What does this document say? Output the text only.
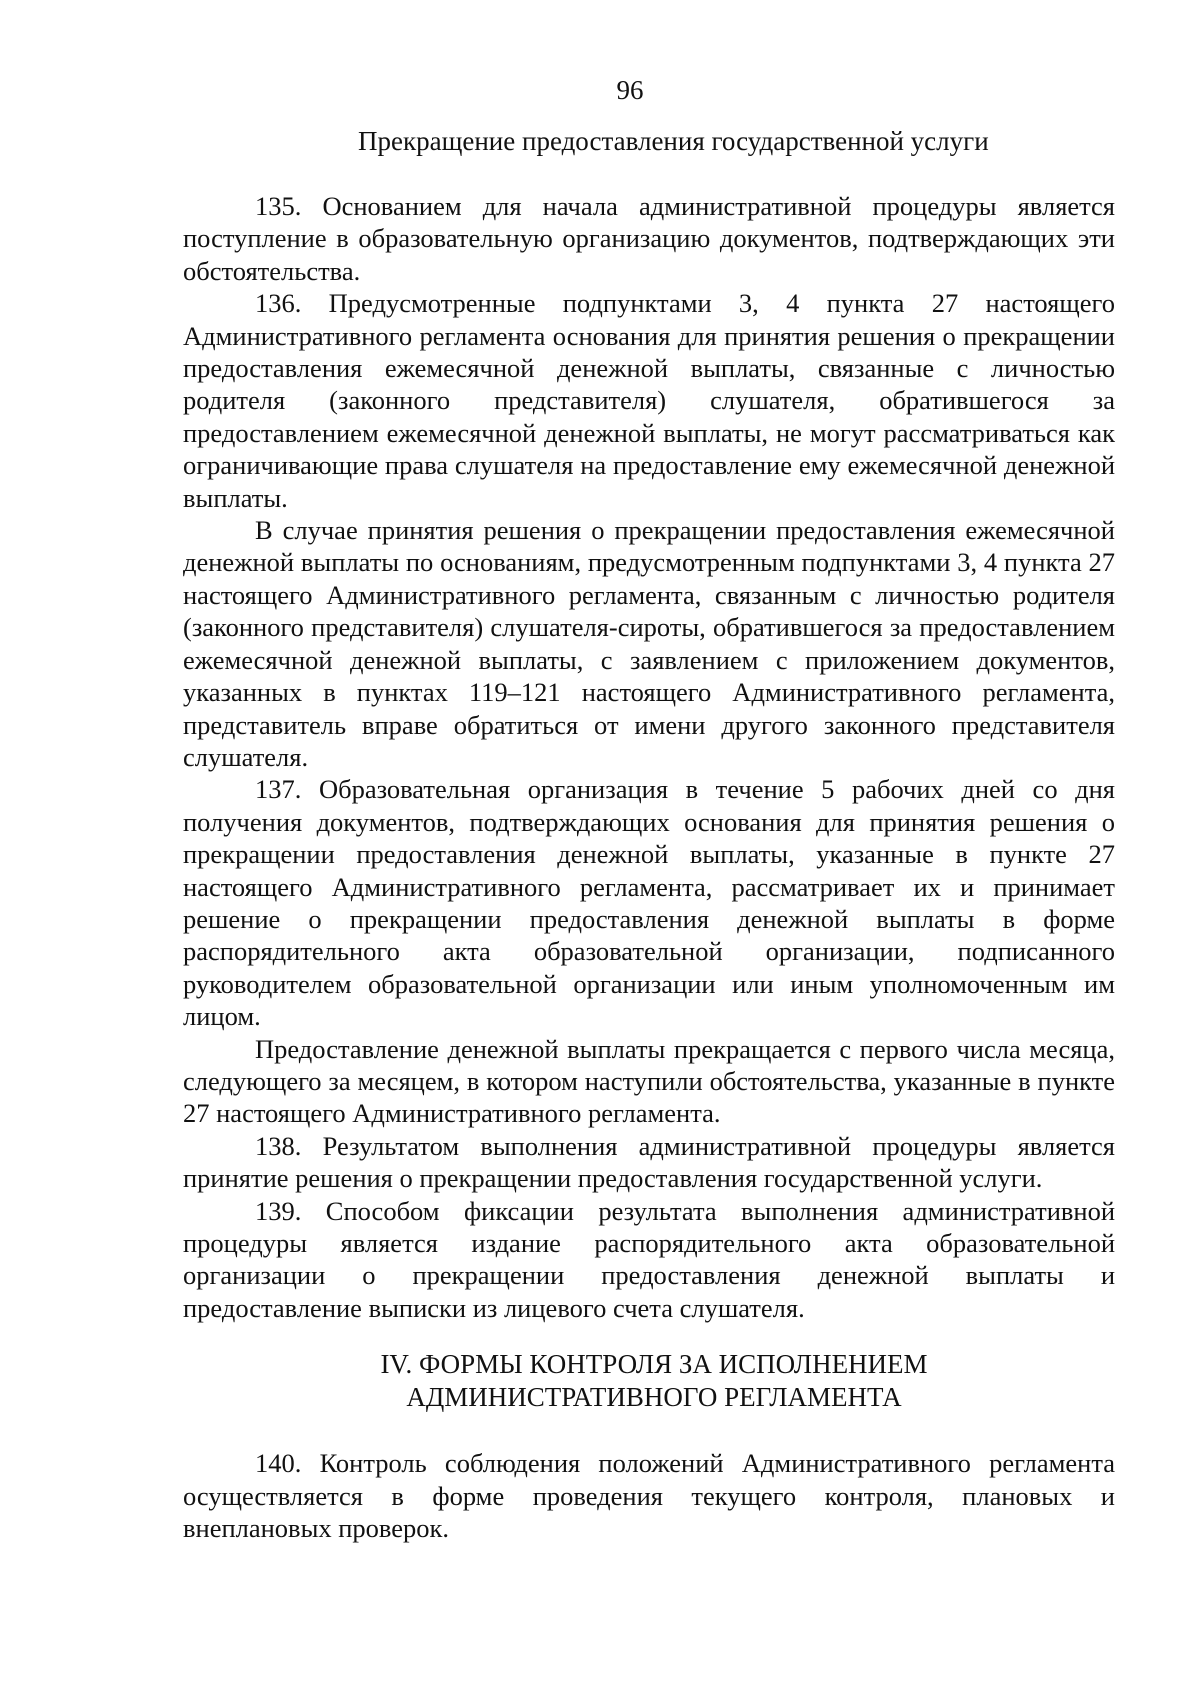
96
Прекращение предоставления государственной услуги

135. Основанием для начала административной процедуры является поступление в образовательную организацию документов, подтверждающих эти обстоятельства.

136. Предусмотренные подпунктами 3, 4 пункта 27 настоящего Административного регламента основания для принятия решения о прекращении предоставления ежемесячной денежной выплаты, связанные с личностью родителя (законного представителя) слушателя, обратившегося за предоставлением ежемесячной денежной выплаты, не могут рассматриваться как ограничивающие права слушателя на предоставление ему ежемесячной денежной выплаты.

В случае принятия решения о прекращении предоставления ежемесячной денежной выплаты по основаниям, предусмотренным подпунктами 3, 4 пункта 27 настоящего Административного регламента, связанным с личностью родителя (законного представителя) слушателя-сироты, обратившегося за предоставлением ежемесячной денежной выплаты, с заявлением с приложением документов, указанных в пунктах 119–121 настоящего Административного регламента, представитель вправе обратиться от имени другого законного представителя слушателя.

137. Образовательная организация в течение 5 рабочих дней со дня получения документов, подтверждающих основания для принятия решения о прекращении предоставления денежной выплаты, указанные в пункте 27 настоящего Административного регламента, рассматривает их и принимает решение о прекращении предоставления денежной выплаты в форме распорядительного акта образовательной организации, подписанного руководителем образовательной организации или иным уполномоченным им лицом.

Предоставление денежной выплаты прекращается с первого числа месяца, следующего за месяцем, в котором наступили обстоятельства, указанные в пункте 27 настоящего Административного регламента.

138. Результатом выполнения административной процедуры является принятие решения о прекращении предоставления государственной услуги.

139. Способом фиксации результата выполнения административной процедуры является издание распорядительного акта образовательной организации о прекращении предоставления денежной выплаты и предоставление выписки из лицевого счета слушателя.

IV. ФОРМЫ КОНТРОЛЯ ЗА ИСПОЛНЕНИЕМ
АДМИНИСТРАТИВНОГО РЕГЛАМЕНТА

140. Контроль соблюдения положений Административного регламента осуществляется в форме проведения текущего контроля, плановых и внеплановых проверок.
